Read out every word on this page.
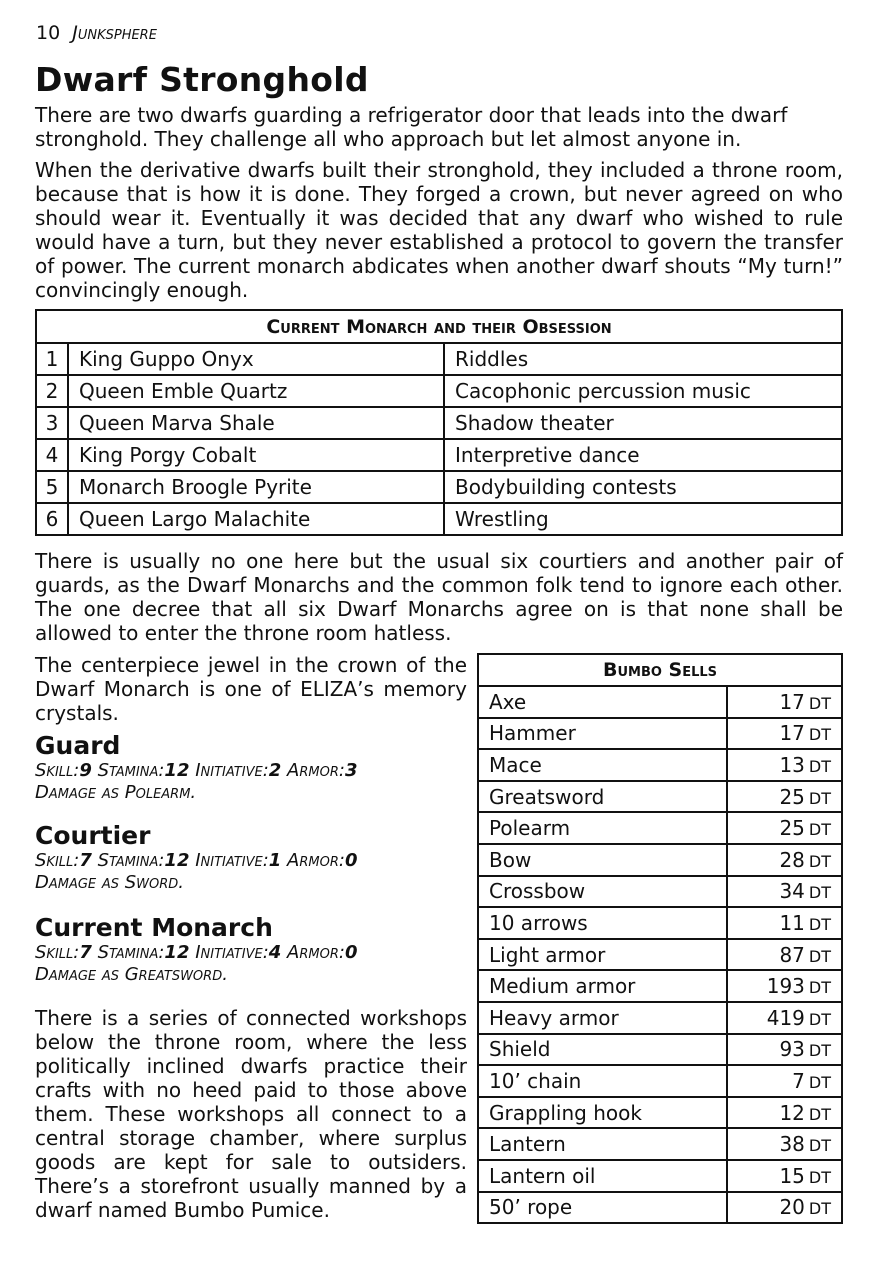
10 Junksphere
Dwarf Stronghold

There are two dwarfs guarding a refrigerator door that leads into the dwarf stronghold. They challenge all who approach but let almost anyone in.

When the derivative dwarfs built their stronghold, they included a throne room, because that is how it is done. They forged a crown, but never agreed on who should wear it. Eventually it was decided that any dwarf who wished to rule would have a turn, but they never established a protocol to govern the transfer of power. The current monarch abdicates when another dwarf shouts “My turn!” convincingly enough.

Current Monarch and their Obsession		
1	King Guppo Onyx	Riddles
2	Queen Emble Quartz	Cacophonic percussion music
3	Queen Marva Shale	Shadow theater
4	King Porgy Cobalt	Interpretive dance
5	Monarch Broogle Pyrite	Bodybuilding contests
6	Queen Largo Malachite	Wrestling

There is usually no one here but the usual six courtiers and another pair of guards, as the Dwarf Monarchs and the common folk tend to ignore each other. The one decree that all six Dwarf Monarchs agree on is that none shall be allowed to enter the throne room hatless.

The centerpiece jewel in the crown of the Dwarf Monarch is one of ELIZA’s memory crystals.

Guard
Skill:9 Stamina:12 Initiative:2 Armor:3
Damage as Polearm.
Courtier
Skill:7 Stamina:12 Initiative:1 Armor:0
Damage as Sword.
Current Monarch
Skill:7 Stamina:12 Initiative:4 Armor:0
Damage as Greatsword.

There is a series of connected workshops below the throne room, where the less politically inclined dwarfs practice their crafts with no heed paid to those above them. These workshops all connect to a central storage chamber, where surplus goods are kept for sale to outsiders. There’s a storefront usually manned by a dwarf named Bumbo Pumice.

Bumbo Sells	
Axe	17 DT
Hammer	17 DT
Mace	13 DT
Greatsword	25 DT
Polearm	25 DT
Bow	28 DT
Crossbow	34 DT
10 arrows	11 DT
Light armor	87 DT
Medium armor	193 DT
Heavy armor	419 DT
Shield	93 DT
10’ chain	7 DT
Grappling hook	12 DT
Lantern	38 DT
Lantern oil	15 DT
50’ rope	20 DT
